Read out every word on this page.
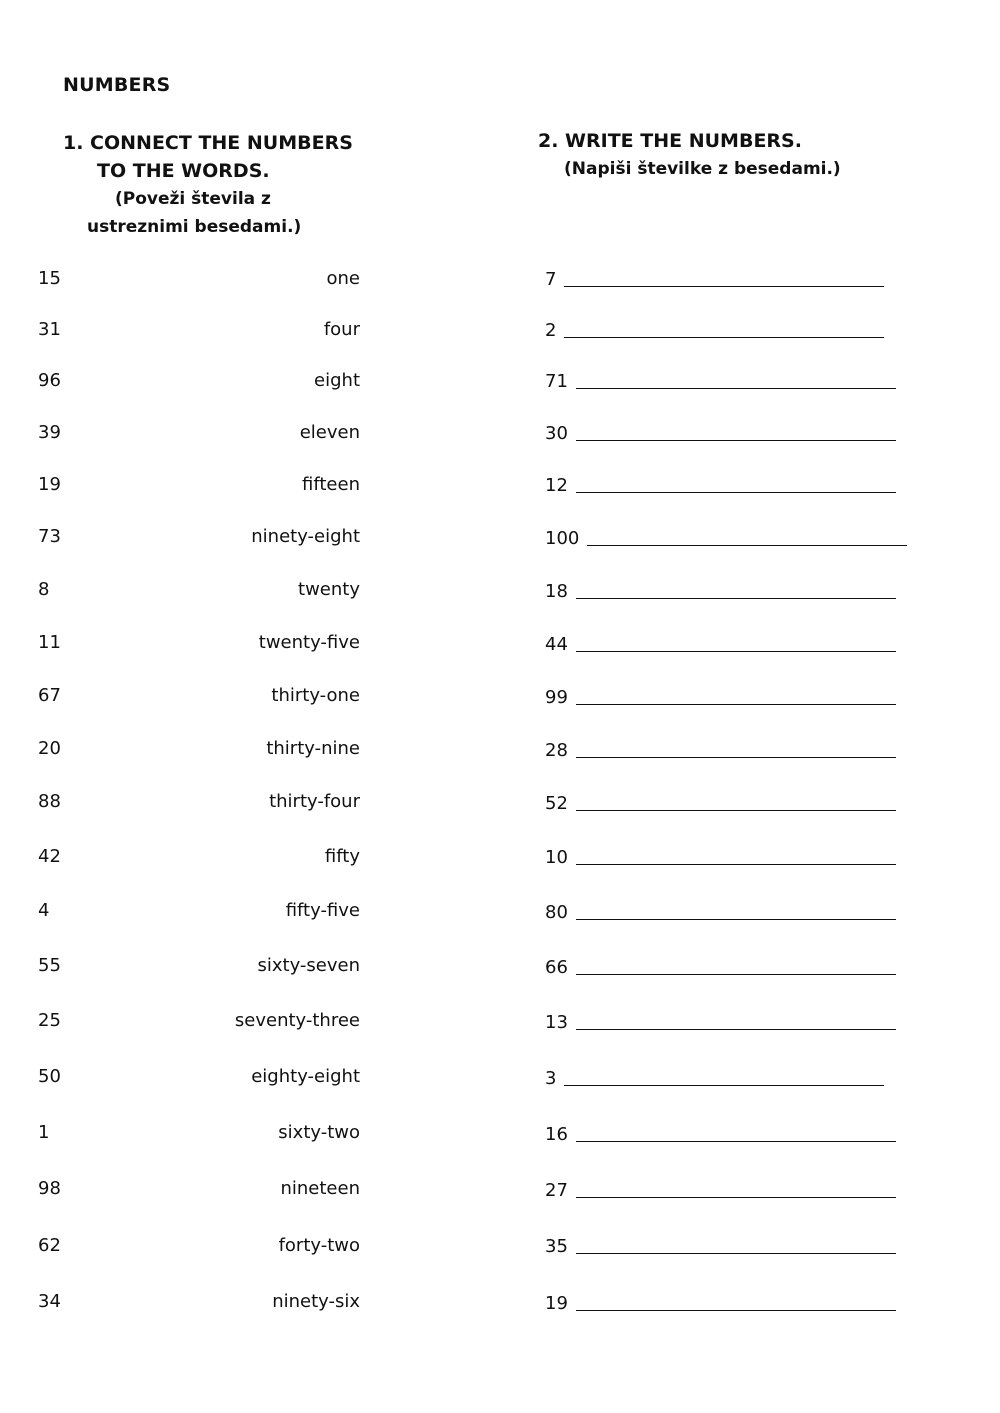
NUMBERS
1. CONNECT THE NUMBERS
TO THE WORDS.
(Poveži števila z
ustreznimi besedami.)
2. WRITE THE NUMBERS.
(Napiši številke z besedami.)
15	one
31	four
96	eight
39	eleven
19	fifteen
73	ninety-eight
8	twenty
11	twenty-five
67	thirty-one
20	thirty-nine
88	thirty-four
42	fifty
4	fifty-five
55	sixty-seven
25	seventy-three
50	eighty-eight
1	sixty-two
98	nineteen
62	forty-two
34	ninety-six
7
2
71
30
12
100
18
44
99
28
52
10
80
66
13
3
16
27
35
19
